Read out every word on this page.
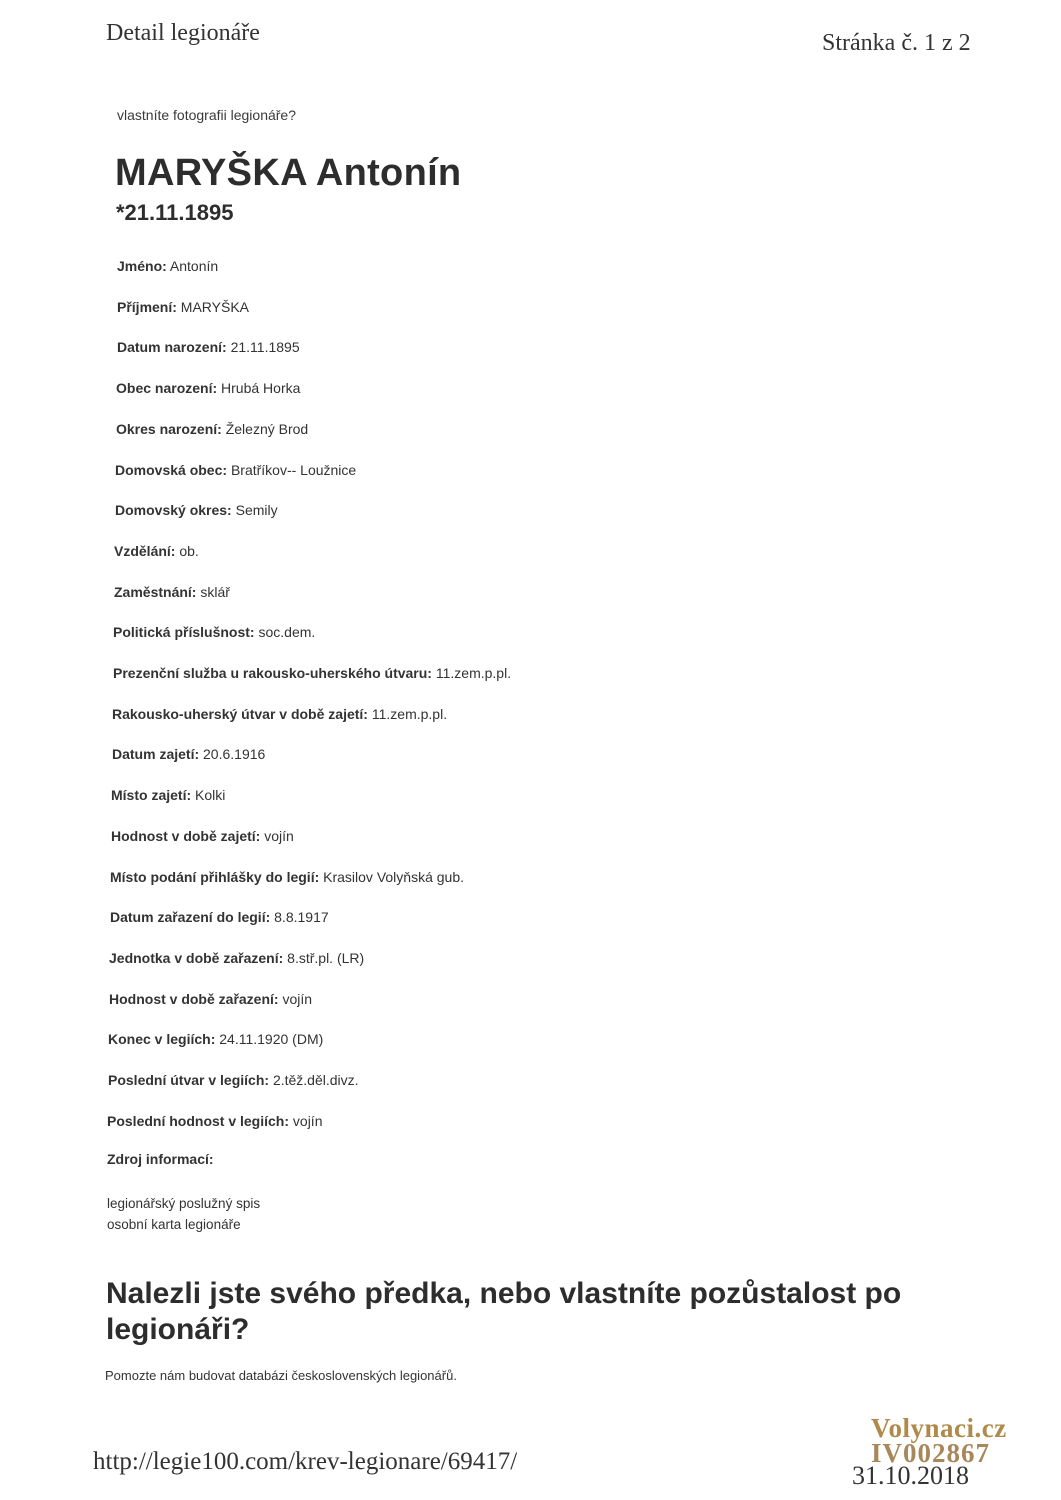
Detail legionáře	Stránka č. 1 z 2
vlastníte fotografii legionáře?
MARYŠKA Antonín
*21.11.1895
Jméno: Antonín
Příjmení: MARYŠKA
Datum narození: 21.11.1895
Obec narození: Hrubá Horka
Okres narození: Železný Brod
Domovská obec: Bratříkov-- Loužnice
Domovský okres: Semily
Vzdělání: ob.
Zaměstnání: sklář
Politická příslušnost: soc.dem.
Prezenční služba u rakousko-uherského útvaru: 11.zem.p.pl.
Rakousko-uherský útvar v době zajetí: 11.zem.p.pl.
Datum zajetí: 20.6.1916
Místo zajetí: Kolki
Hodnost v době zajetí: vojín
Místo podání přihlášky do legií: Krasilov Volyňská gub.
Datum zařazení do legií: 8.8.1917
Jednotka v době zařazení: 8.stř.pl. (LR)
Hodnost v době zařazení: vojín
Konec v legiích: 24.11.1920 (DM)
Poslední útvar v legiích: 2.těž.děl.divz.
Poslední hodnost v legiích: vojín
Zdroj informací:
legionářský poslužný spis
osobní karta legionáře
Nalezli jste svého předka, nebo vlastníte pozůstalost po legionáři?
Pomozte nám budovat databázi československých legionářů.
http://legie100.com/krev-legionare/69417/
Volynaci.cz
IV002867
31.10.2018
